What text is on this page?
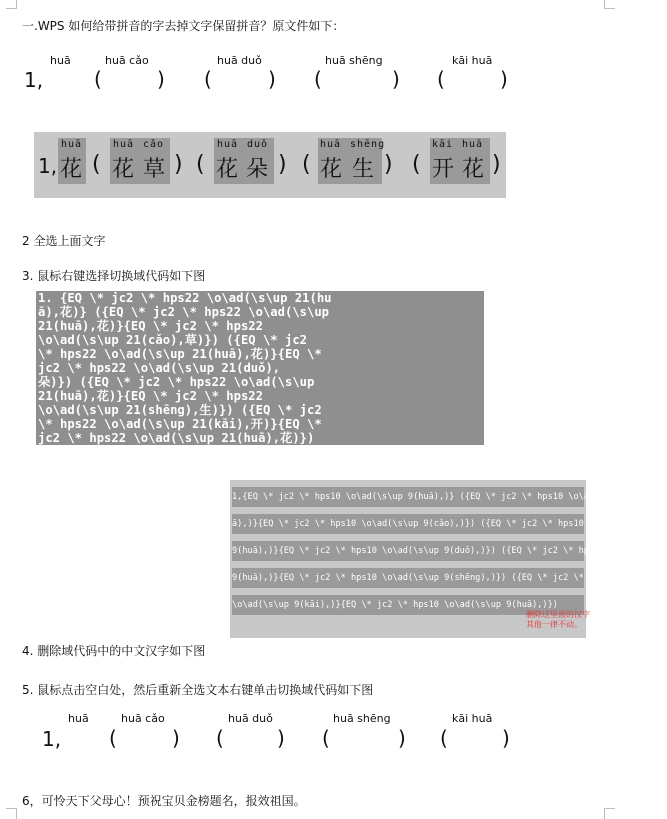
一.WPS 如何给带拼音的字去掉文字保留拼音？原文件如下：
huā	huā cǎo	huā duǒ	huā shēng	kāi huā
1,	(	) (	) (	) (	)
huā	huā cǎo	huā duǒ	huā shēng	kāi huā
1, 花 ( 花 草 ) ( 花 朵 ) ( 花 生 ) ( 开 花 )
2 全选上面文字
3. 鼠标右键选择切换域代码如下图
1. {EQ \* jc2 \* hps22 \o\ad(\s\up 21(hu
ā),花)} ({EQ \* jc2 \* hps22 \o\ad(\s\up
21(huā),花)}{EQ \* jc2 \* hps22
\o\ad(\s\up 21(cǎo),草)}) ({EQ \* jc2
\* hps22 \o\ad(\s\up 21(huā),花)}{EQ \*
jc2 \* hps22 \o\ad(\s\up 21(duǒ),
朵)}) ({EQ \* jc2 \* hps22 \o\ad(\s\up
21(huā),花)}{EQ \* jc2 \* hps22
\o\ad(\s\up 21(shēng),生)}) ({EQ \* jc2
\* hps22 \o\ad(\s\up 21(kāi),开)}{EQ \*
jc2 \* hps22 \o\ad(\s\up 21(huā),花)})
1,{EQ \* jc2 \* hps10 \o\ad(\s\up 9(huā),)} ({EQ \* jc2 \* hps10 \o\ad(\s\up 9(hu
ā),)}{EQ \* jc2 \* hps10 \o\ad(\s\up 9(cǎo),)}) ({EQ \* jc2 \* hps10 \o\ad(\s\up
9(huā),)}{EQ \* jc2 \* hps10 \o\ad(\s\up 9(duǒ),)}) ({EQ \* jc2 \* hps10 \o\ad(\s\up
9(huā),)}{EQ \* jc2 \* hps10 \o\ad(\s\up 9(shēng),)}) ({EQ \* jc2 \* hps10
\o\ad(\s\up 9(kāi),)}{EQ \* jc2 \* hps10 \o\ad(\s\up 9(huā),)})
删除这里面的汉字
其他一律不动。
4. 删除域代码中的中文汉字如下图
5. 鼠标点击空白处，然后重新全选文本右键单击切换域代码如下图
huā	huā cǎo	huā duǒ	huā shēng	kāi huā
1, (	) (	) (	) (	)
6，可怜天下父母心！预祝宝贝金榜题名，报效祖国。
